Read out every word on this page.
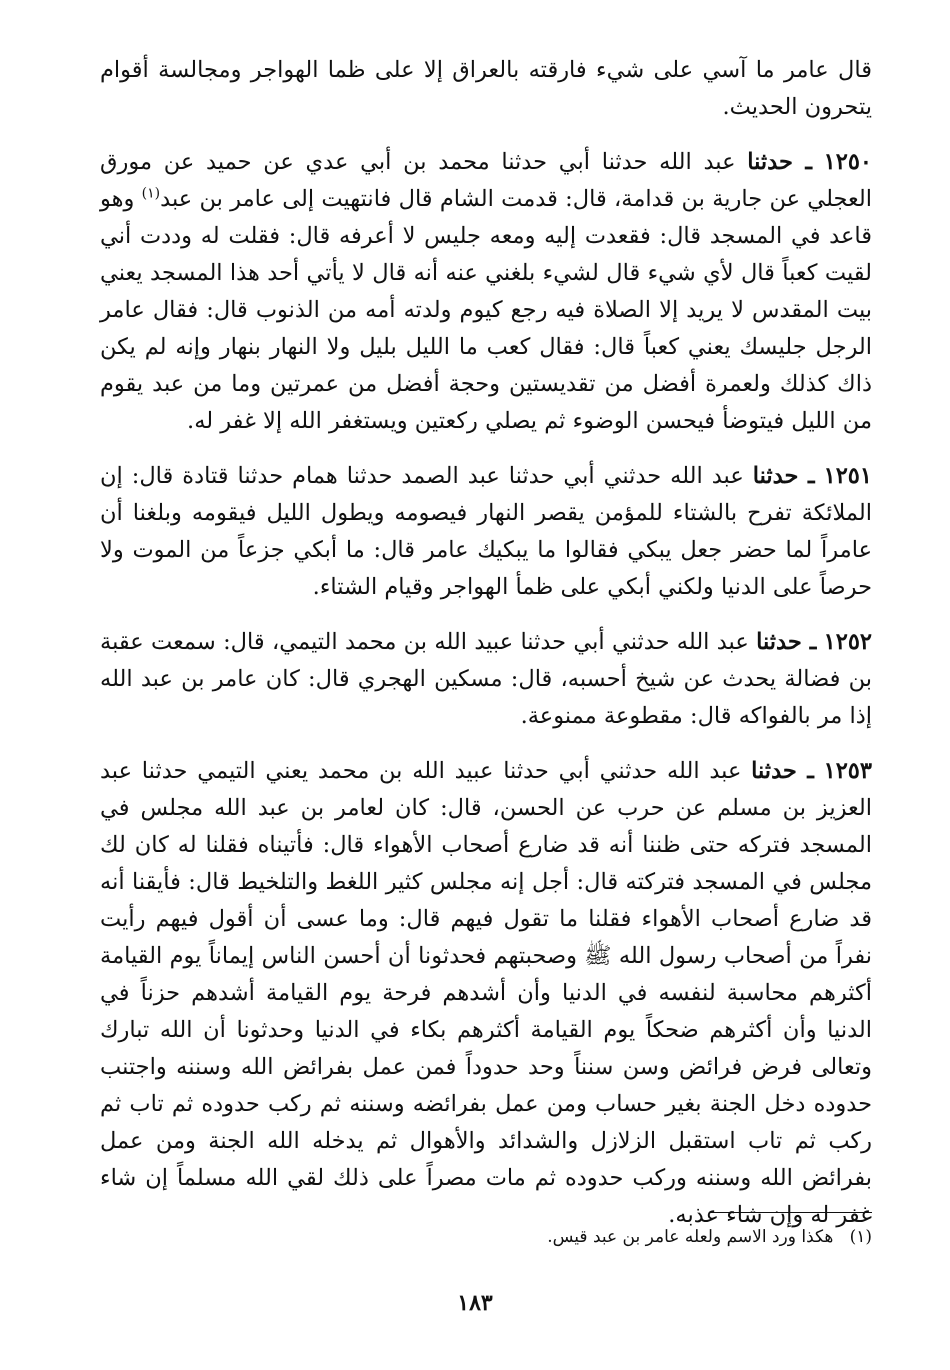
قال عامر ما آسي على شيء فارقته بالعراق إلا على ظما الهواجر ومجالسة أقوام يتحرون الحديث.

١٢٥٠ ـ حدثنا عبد الله حدثنا أبي حدثنا محمد بن أبي عدي عن حميد عن مورق العجلي عن جارية بن قدامة، قال: قدمت الشام قال فانتهيت إلى عامر بن عبد$^{(١)}$ وهو قاعد في المسجد قال: فقعدت إليه ومعه جليس لا أعرفه قال: فقلت له وددت أني لقيت كعباً قال لأي شيء قال لشيء بلغني عنه أنه قال لا يأتي أحد هذا المسجد يعني بيت المقدس لا يريد إلا الصلاة فيه رجع كيوم ولدته أمه من الذنوب قال: فقال عامر الرجل جليسك يعني كعباً قال: فقال كعب ما الليل بليل ولا النهار بنهار وإنه لم يكن ذاك كذلك ولعمرة أفضل من تقديستين وحجة أفضل من عمرتين وما من عبد يقوم من الليل فيتوضأ فيحسن الوضوء ثم يصلي ركعتين ويستغفر الله إلا غفر له.

١٢٥١ ـ حدثنا عبد الله حدثني أبي حدثنا عبد الصمد حدثنا همام حدثنا قتادة قال: إن الملائكة تفرح بالشتاء للمؤمن يقصر النهار فيصومه ويطول الليل فيقومه وبلغنا أن عامراً لما حضر جعل يبكي فقالوا ما يبكيك عامر قال: ما أبكي جزعاً من الموت ولا حرصاً على الدنيا ولكني أبكي على ظمأ الهواجر وقيام الشتاء.

١٢٥٢ ـ حدثنا عبد الله حدثني أبي حدثنا عبيد الله بن محمد التيمي، قال: سمعت عقبة بن فضالة يحدث عن شيخ أحسبه، قال: مسكين الهجري قال: كان عامر بن عبد الله إذا مر بالفواكه قال: مقطوعة ممنوعة.

١٢٥٣ ـ حدثنا عبد الله حدثني أبي حدثنا عبيد الله بن محمد يعني التيمي حدثنا عبد العزيز بن مسلم عن حرب عن الحسن، قال: كان لعامر بن عبد الله مجلس في المسجد فتركه حتى ظننا أنه قد ضارع أصحاب الأهواء قال: فأتيناه فقلنا له كان لك مجلس في المسجد فتركته قال: أجل إنه مجلس كثير اللغط والتلخيط قال: فأيقنا أنه قد ضارع أصحاب الأهواء فقلنا ما تقول فيهم قال: وما عسى أن أقول فيهم رأيت نفراً من أصحاب رسول الله ﷺ وصحبتهم فحدثونا أن أحسن الناس إيماناً يوم القيامة أكثرهم محاسبة لنفسه في الدنيا وأن أشدهم فرحة يوم القيامة أشدهم حزناً في الدنيا وأن أكثرهم ضحكاً يوم القيامة أكثرهم بكاء في الدنيا وحدثونا أن الله تبارك وتعالى فرض فرائض وسن سنناً وحد حدوداً فمن عمل بفرائض الله وسننه واجتنب حدوده دخل الجنة بغير حساب ومن عمل بفرائضه وسننه ثم ركب حدوده ثم تاب ثم ركب ثم تاب استقبل الزلازل والشدائد والأهوال ثم يدخله الله الجنة ومن عمل بفرائض الله وسننه وركب حدوده ثم مات مصراً على ذلك لقي الله مسلماً إن شاء غفر له وإن شاء عذبه.

(١)   هكذا ورد الاسم ولعله عامر بن عبد قيس.
١٨٣
